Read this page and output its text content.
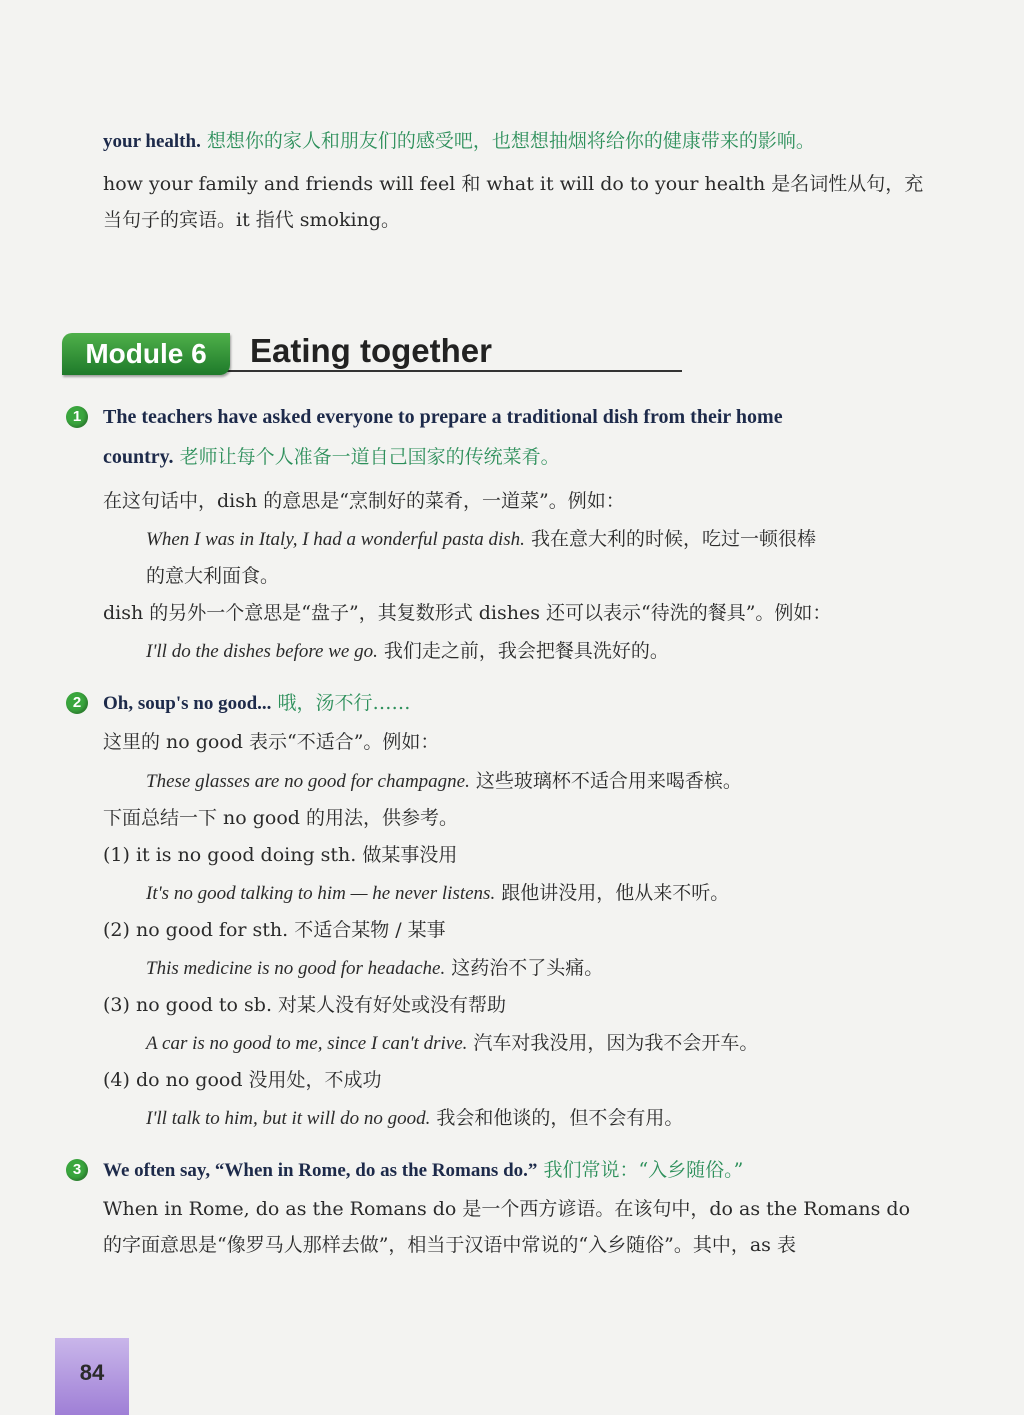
your health. 想想你的家人和朋友们的感受吧，也想想抽烟将给你的健康带来的影响。
how your family and friends will feel 和 what it will do to your health 是名词性从句，充
当句子的宾语。it 指代 smoking。
Module 6	Eating together
1	The teachers have asked everyone to prepare a traditional dish from their home
country. 老师让每个人准备一道自己国家的传统菜肴。
在这句话中，dish 的意思是“烹制好的菜肴，一道菜”。例如：
When I was in Italy, I had a wonderful pasta dish. 我在意大利的时候，吃过一顿很棒
的意大利面食。
dish 的另外一个意思是“盘子”，其复数形式 dishes 还可以表示“待洗的餐具”。例如：
I'll do the dishes before we go. 我们走之前，我会把餐具洗好的。
2	Oh, soup's no good... 哦，汤不行……
这里的 no good 表示“不适合”。例如：
These glasses are no good for champagne. 这些玻璃杯不适合用来喝香槟。
下面总结一下 no good 的用法，供参考。
(1) it is no good doing sth. 做某事没用
It's no good talking to him — he never listens. 跟他讲没用，他从来不听。
(2) no good for sth. 不适合某物 / 某事
This medicine is no good for headache. 这药治不了头痛。
(3) no good to sb. 对某人没有好处或没有帮助
A car is no good to me, since I can't drive. 汽车对我没用，因为我不会开车。
(4) do no good 没用处，不成功
I'll talk to him, but it will do no good. 我会和他谈的，但不会有用。
3	We often say, “When in Rome, do as the Romans do.” 我们常说：“入乡随俗。”
When in Rome, do as the Romans do 是一个西方谚语。在该句中，do as the Romans do
的字面意思是“像罗马人那样去做”，相当于汉语中常说的“入乡随俗”。其中，as 表
84
